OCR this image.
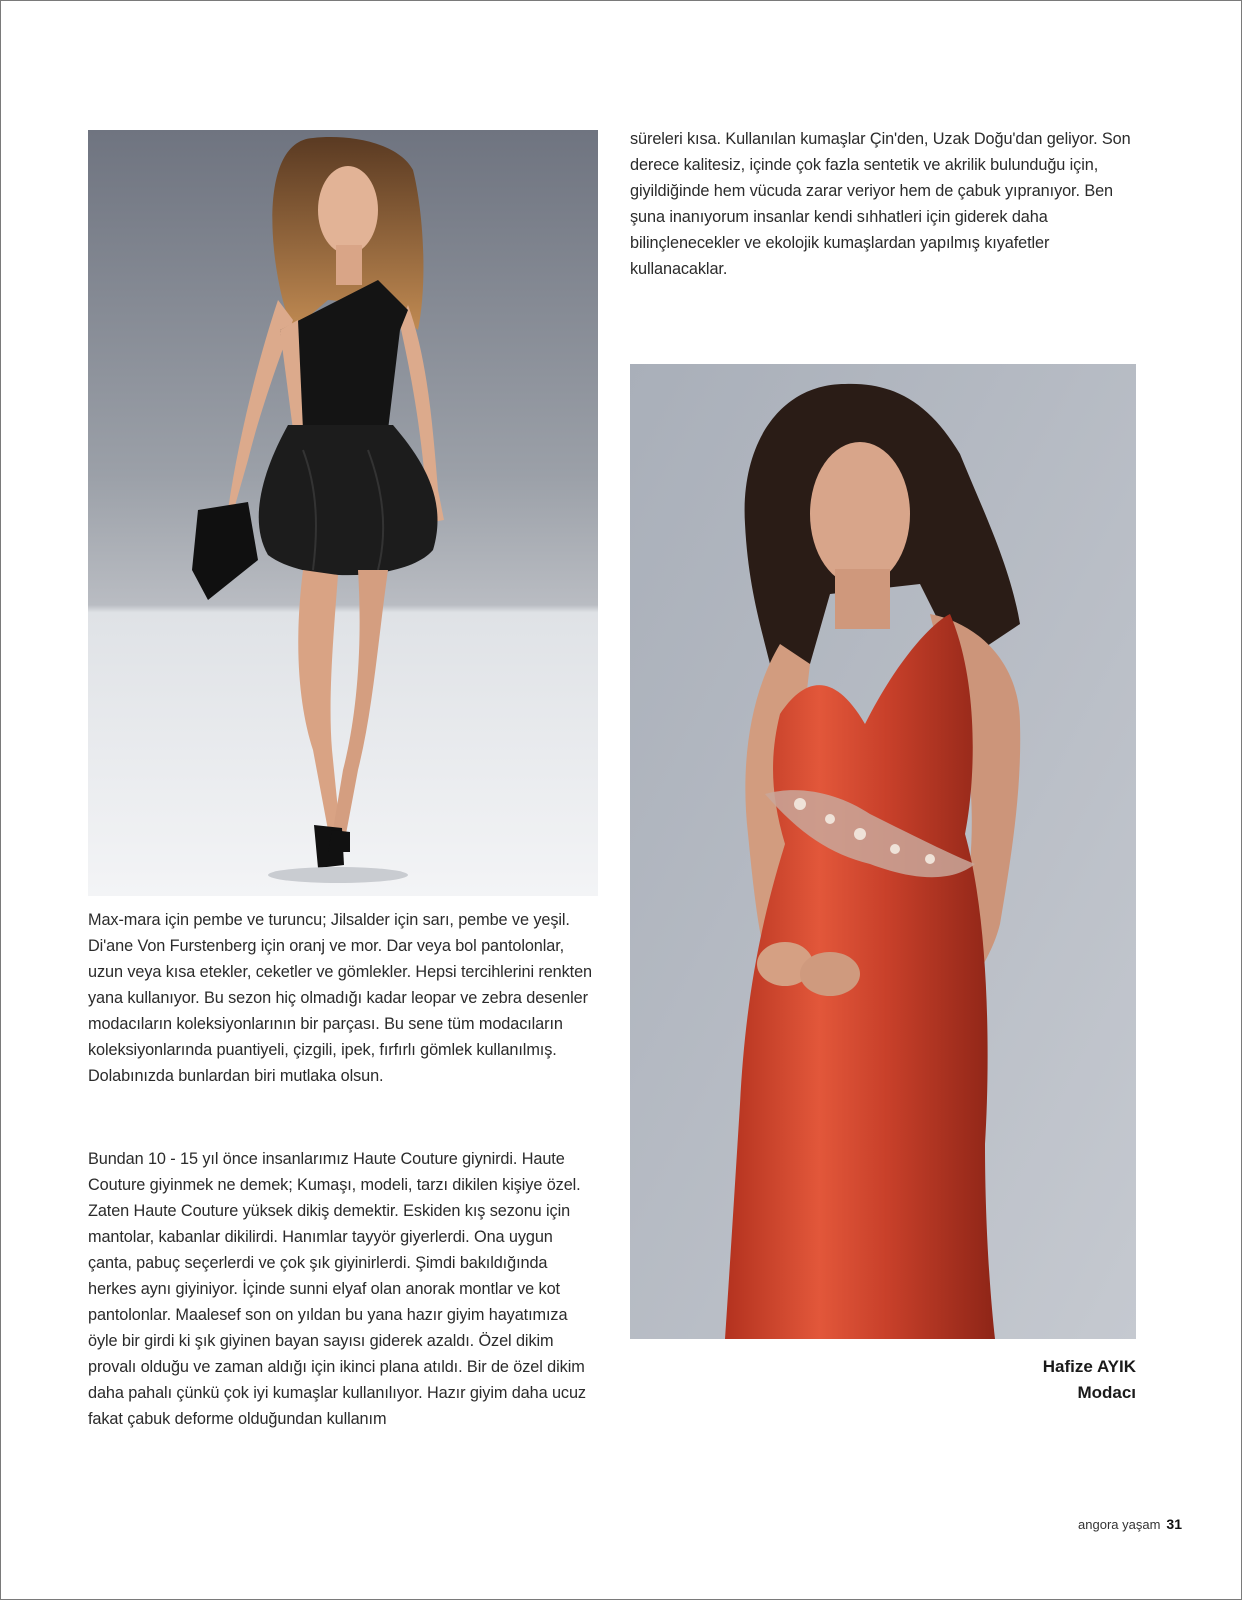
süreleri kısa. Kullanılan kumaşlar Çin'den, Uzak Doğu'dan geliyor. Son derece kalitesiz, içinde çok fazla sentetik ve akrilik bulunduğu için, giyildiğinde hem vücuda zarar veriyor hem de çabuk yıpranıyor. Ben şuna inanıyorum insanlar kendi sıhhatleri için giderek daha bilinçlenecekler ve ekolojik kumaşlardan yapılmış kıyafetler kullanacaklar.

Max-mara için pembe ve turuncu; Jilsalder için sarı, pembe ve yeşil. Di'ane Von Furstenberg için oranj ve mor. Dar veya bol pantolonlar, uzun veya kısa etekler, ceketler ve gömlekler. Hepsi tercihlerini renkten yana kullanıyor. Bu sezon hiç olmadığı kadar leopar ve zebra desenler modacıların koleksiyonlarının bir parçası. Bu sene tüm modacıların koleksiyonlarında puantiyeli, çizgili, ipek, fırfırlı gömlek kullanılmış. Dolabınızda bunlardan biri mutlaka olsun.

Bundan 10 - 15 yıl önce insanlarımız Haute Couture giynirdi. Haute Couture giyinmek ne demek; Kumaşı, modeli, tarzı dikilen kişiye özel. Zaten Haute Couture yüksek dikiş demektir. Eskiden kış sezonu için mantolar, kabanlar dikilirdi. Hanımlar tayyör giyerlerdi. Ona uygun çanta, pabuç seçerlerdi ve çok şık giyinirlerdi. Şimdi bakıldığında herkes aynı giyiniyor. İçinde sunni elyaf olan anorak montlar ve kot pantolonlar. Maalesef son on yıldan bu yana hazır giyim hayatımıza öyle bir girdi ki şık giyinen bayan sayısı giderek azaldı. Özel dikim provalı olduğu ve zaman aldığı için ikinci plana atıldı. Bir de özel dikim daha pahalı çünkü çok iyi kumaşlar kullanılıyor. Hazır giyim daha ucuz fakat çabuk deforme olduğundan kullanım

Hafize AYIK
Modacı
angora yaşam 31
